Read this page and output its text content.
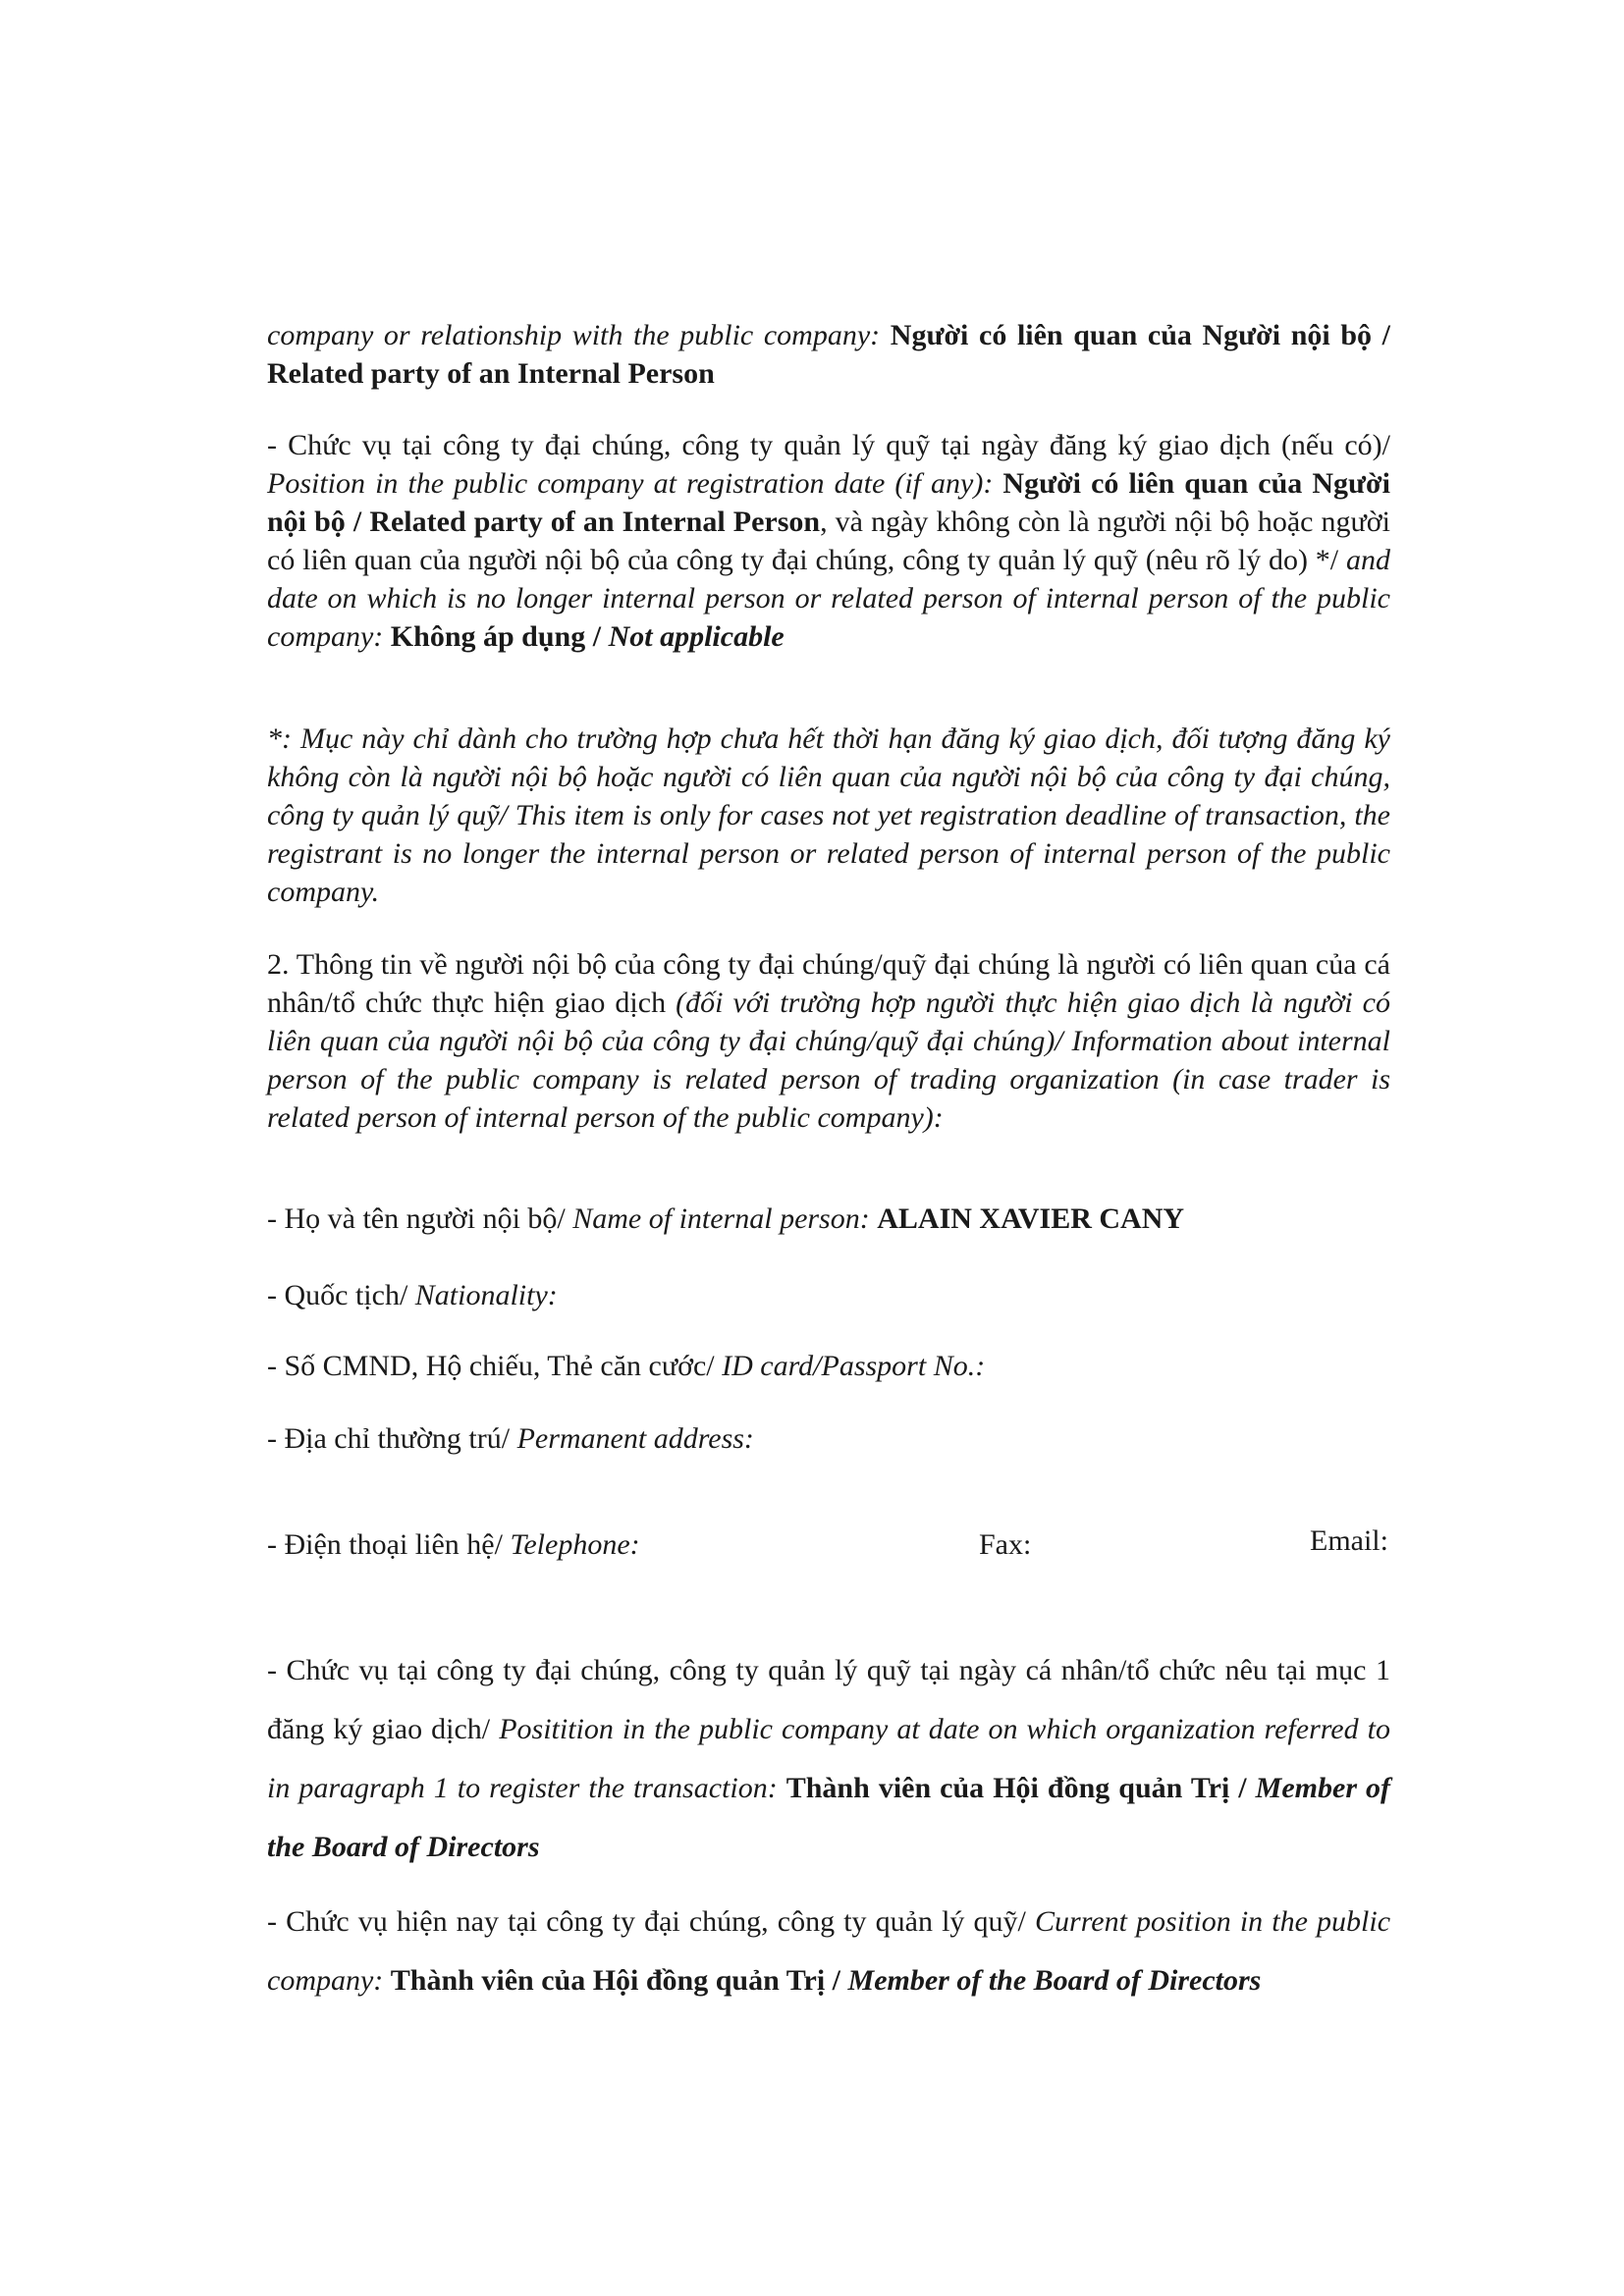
company or relationship with the public company: Người có liên quan của Người nội bộ / Related party of an Internal Person

- Chức vụ tại công ty đại chúng, công ty quản lý quỹ tại ngày đăng ký giao dịch (nếu có)/ Position in the public company at registration date (if any): Người có liên quan của Người nội bộ / Related party of an Internal Person, và ngày không còn là người nội bộ hoặc người có liên quan của người nội bộ của công ty đại chúng, công ty quản lý quỹ (nêu rõ lý do) */ and date on which is no longer internal person or related person of internal person of the public company: Không áp dụng / Not applicable

*: Mục này chỉ dành cho trường hợp chưa hết thời hạn đăng ký giao dịch, đối tượng đăng ký không còn là người nội bộ hoặc người có liên quan của người nội bộ của công ty đại chúng, công ty quản lý quỹ/ This item is only for cases not yet registration deadline of transaction, the registrant is no longer the internal person or related person of internal person of the public company.

2. Thông tin về người nội bộ của công ty đại chúng/quỹ đại chúng là người có liên quan của cá nhân/tổ chức thực hiện giao dịch (đối với trường hợp người thực hiện giao dịch là người có liên quan của người nội bộ của công ty đại chúng/quỹ đại chúng)/ Information about internal person of the public company is related person of trading organization (in case trader is related person of internal person of the public company):

- Họ và tên người nội bộ/ Name of internal person: ALAIN XAVIER CANY
- Quốc tịch/ Nationality:
- Số CMND, Hộ chiếu, Thẻ căn cước/ ID card/Passport No.:
- Địa chỉ thường trú/ Permanent address:
- Điện thoại liên hệ/ Telephone:	Fax:	Email:

- Chức vụ tại công ty đại chúng, công ty quản lý quỹ tại ngày cá nhân/tổ chức nêu tại mục 1 đăng ký giao dịch/ Positition in the public company at date on which organization referred to in paragraph 1 to register the transaction: Thành viên của Hội đồng quản Trị / Member of the Board of Directors

- Chức vụ hiện nay tại công ty đại chúng, công ty quản lý quỹ/ Current position in the public company: Thành viên của Hội đồng quản Trị / Member of the Board of Directors
